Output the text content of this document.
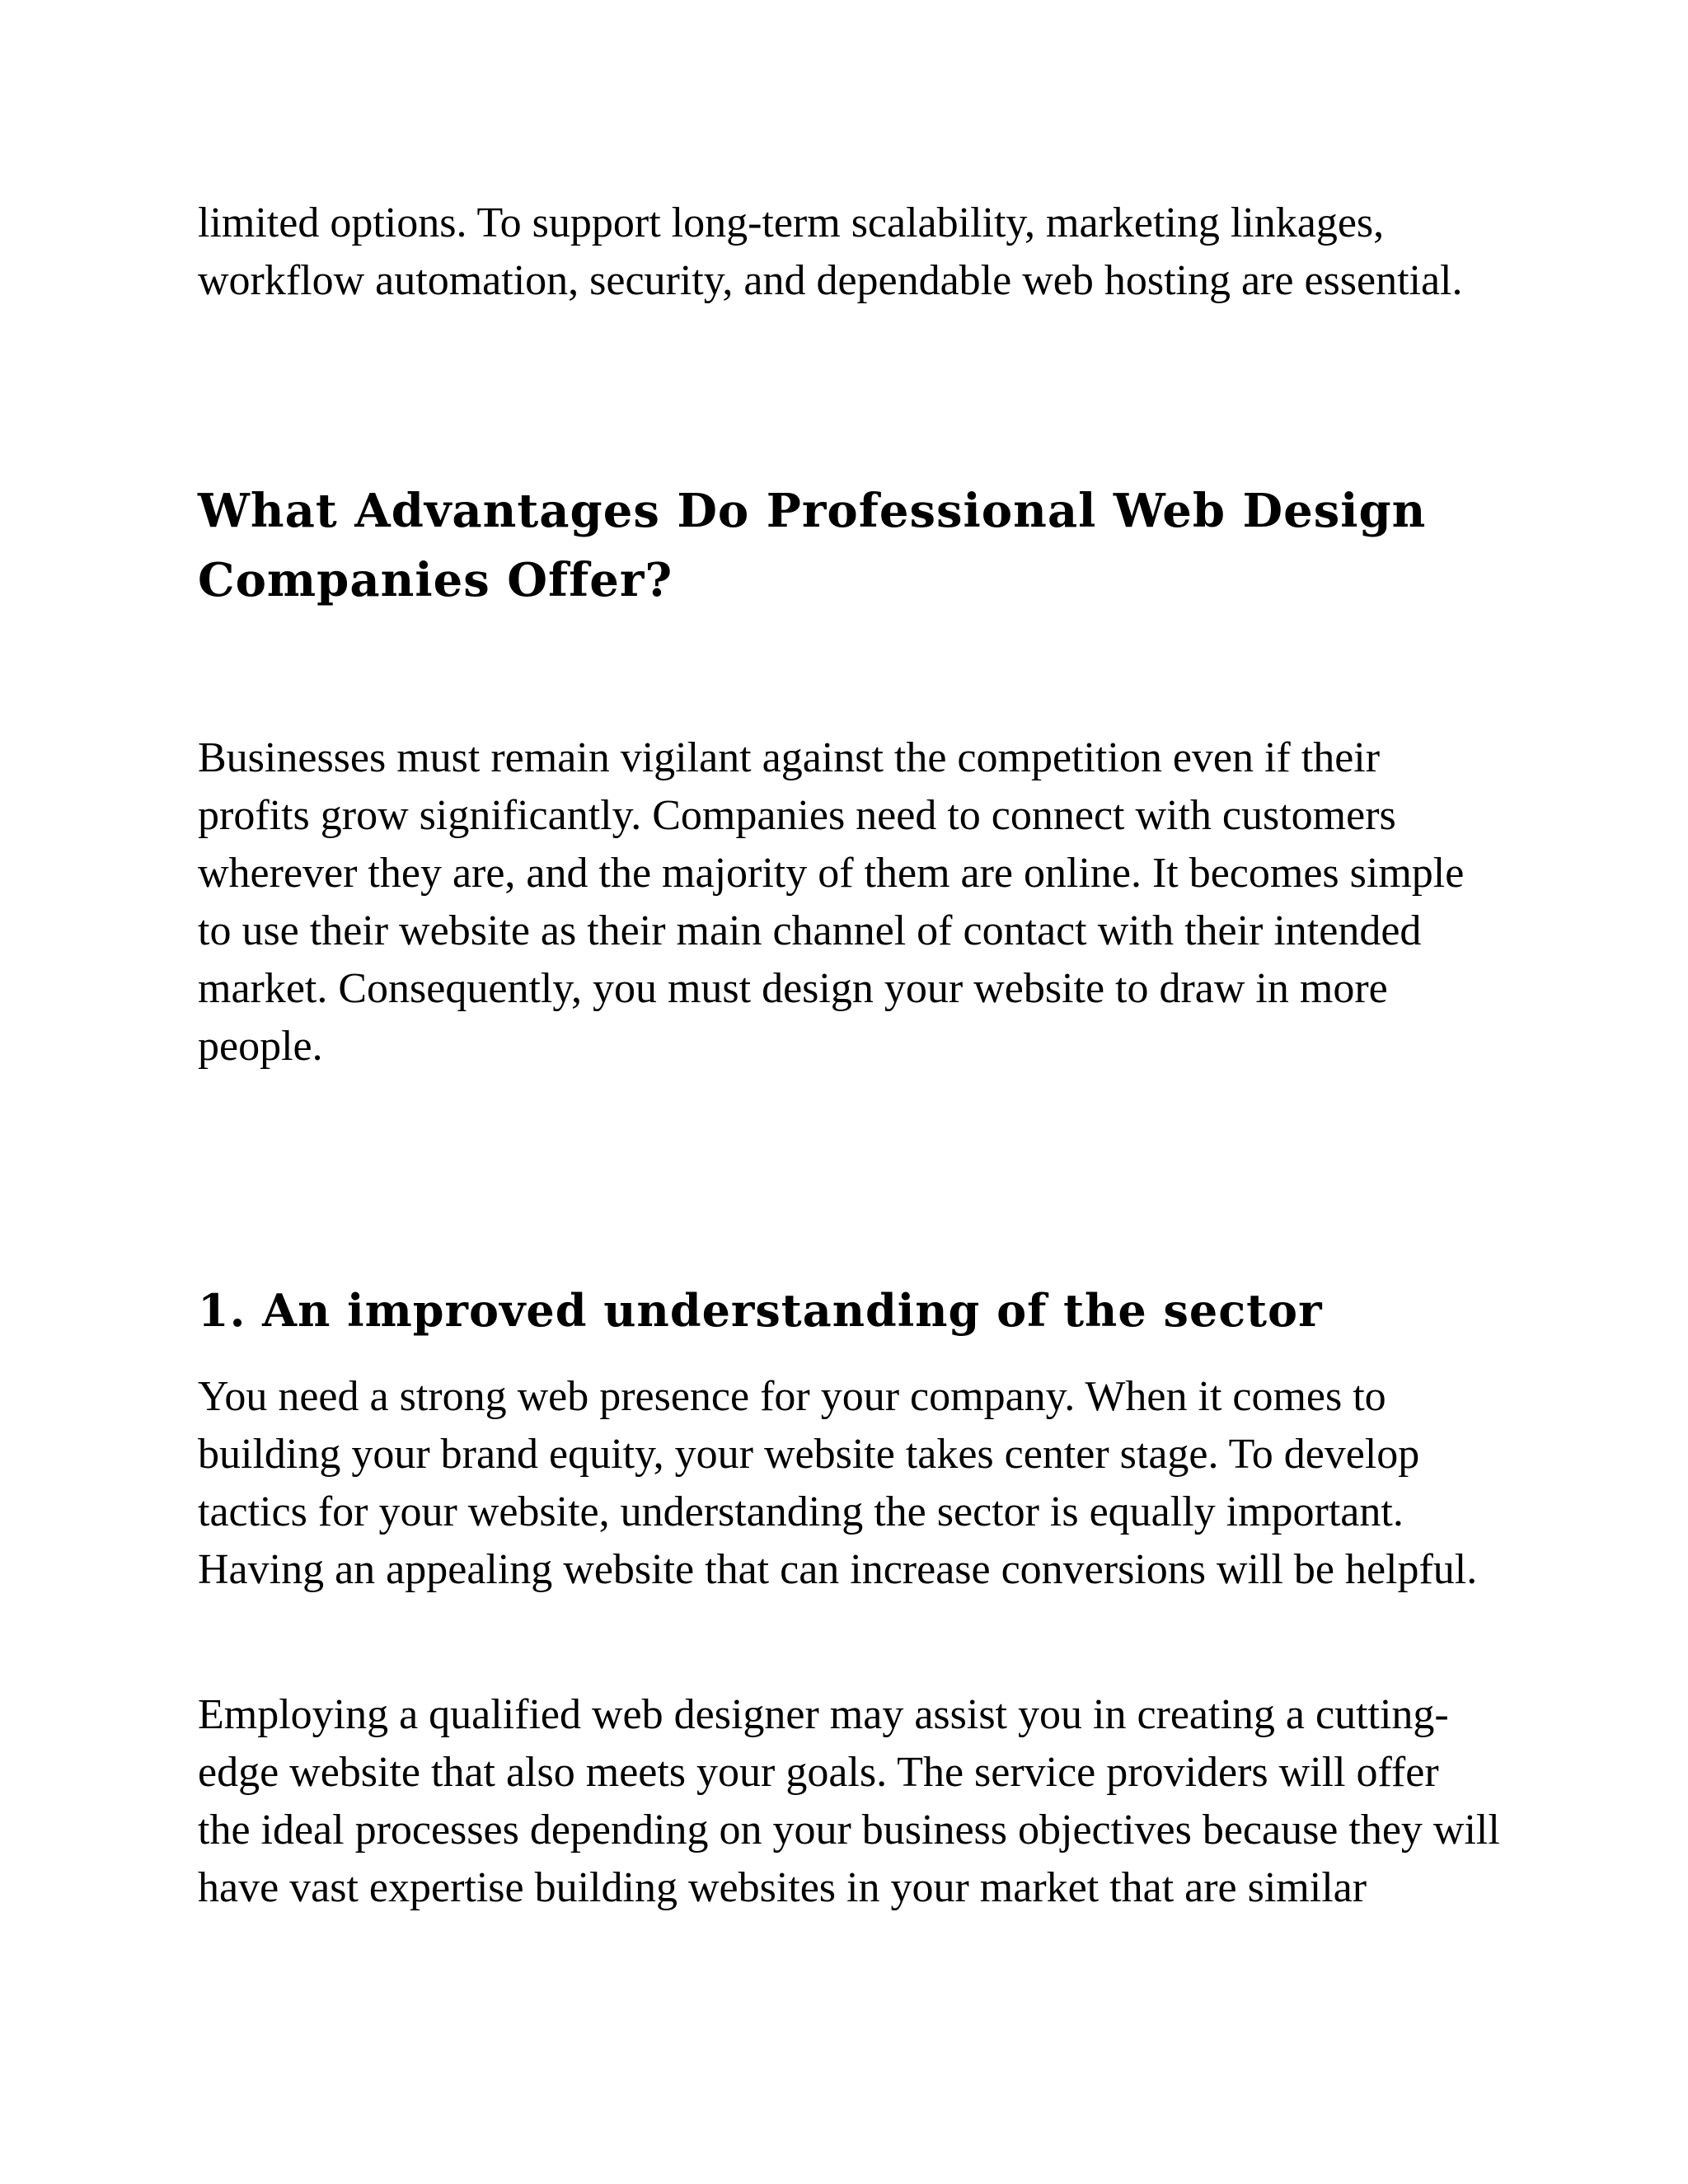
limited options. To support long-term scalability, marketing linkages, workflow automation, security, and dependable web hosting are essential.

What Advantages Do Professional Web Design Companies Offer?

Businesses must remain vigilant against the competition even if their profits grow significantly. Companies need to connect with customers wherever they are, and the majority of them are online. It becomes simple to use their website as their main channel of contact with their intended market. Consequently, you must design your website to draw in more people.

1. An improved understanding of the sector

You need a strong web presence for your company. When it comes to building your brand equity, your website takes center stage. To develop tactics for your website, understanding the sector is equally important. Having an appealing website that can increase conversions will be helpful.

Employing a qualified web designer may assist you in creating a cutting-edge website that also meets your goals. The service providers will offer the ideal processes depending on your business objectives because they will have vast expertise building websites in your market that are similar
